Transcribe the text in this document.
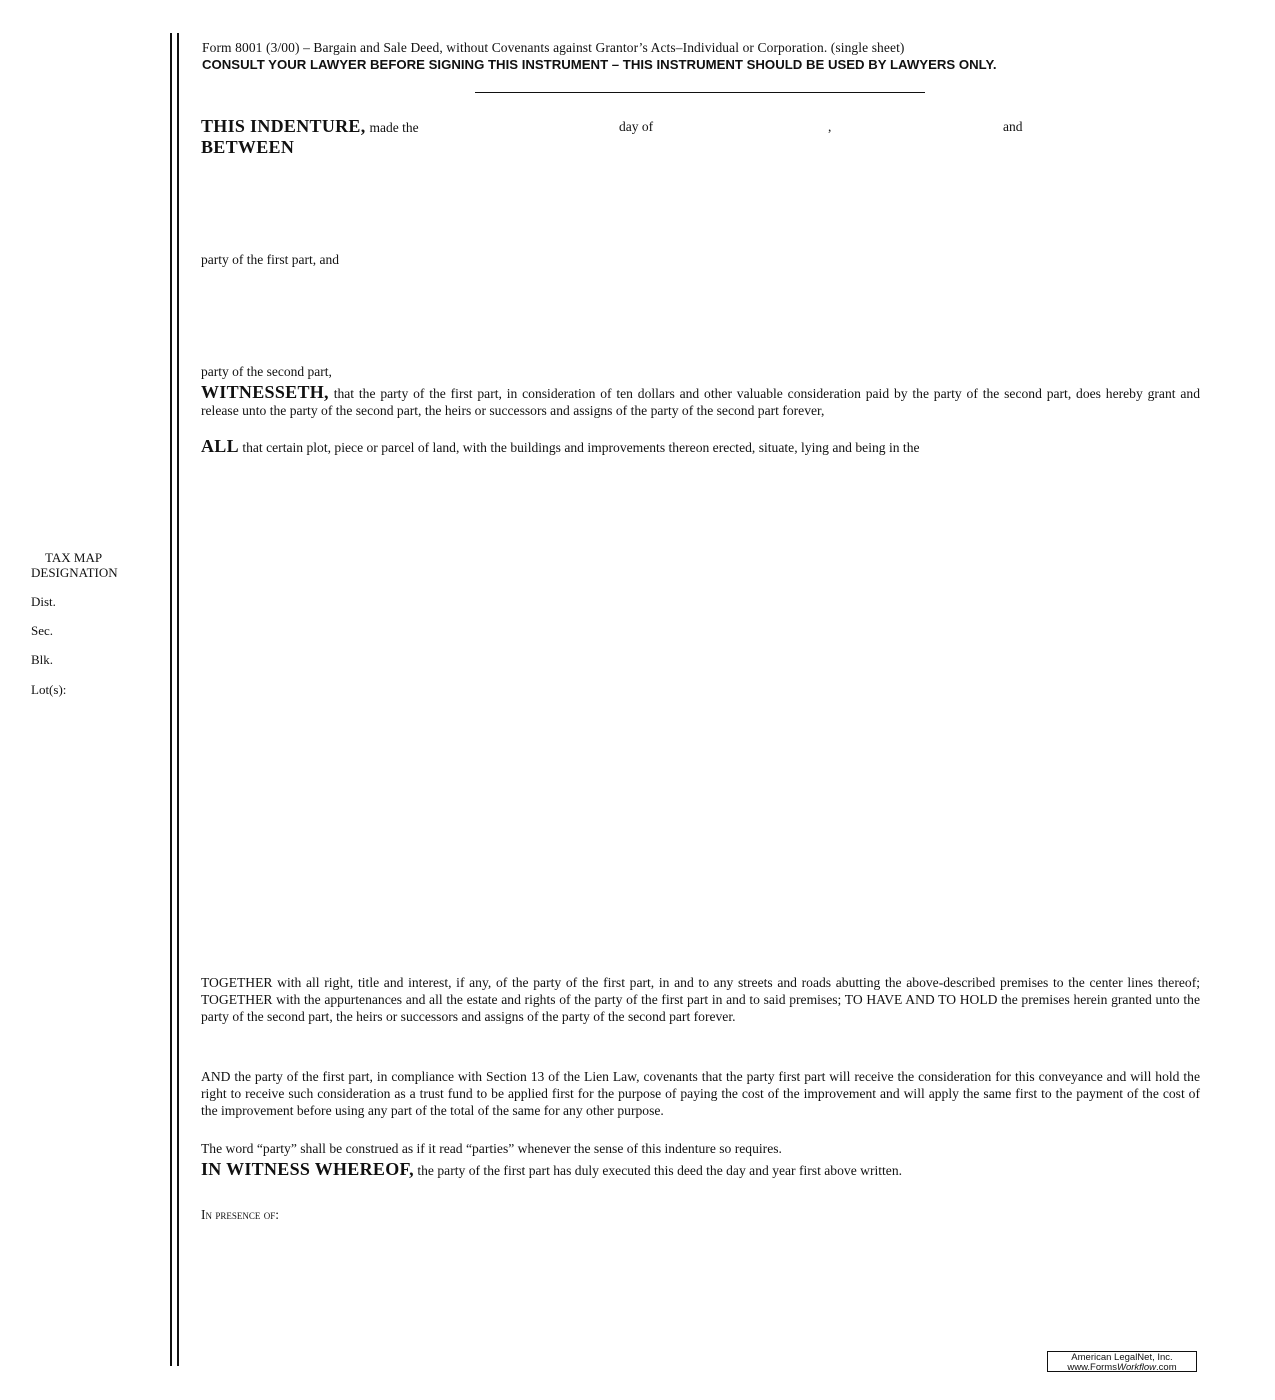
Form 8001 (3/00) – Bargain and Sale Deed, without Covenants against Grantor’s Acts–Individual or Corporation. (single sheet)
CONSULT YOUR LAWYER BEFORE SIGNING THIS INSTRUMENT – THIS INSTRUMENT SHOULD BE USED BY LAWYERS ONLY.
THIS INDENTURE, made the	day of	,	and
BETWEEN
party of the first part, and
party of the second part,

WITNESSETH, that the party of the first part, in consideration of ten dollars and other valuable consideration paid by the party of the second part, does hereby grant and release unto the party of the second part, the heirs or successors and assigns of the party of the second part forever,

ALL that certain plot, piece or parcel of land, with the buildings and improvements thereon erected, situate, lying and being in the

TAX MAP
DESIGNATION
Dist.
Sec.
Blk.
Lot(s):
TOGETHER with all right, title and interest, if any, of the party of the first part, in and to any streets and roads abutting the above-described premises to the center lines thereof; TOGETHER with the appurtenances and all the estate and rights of the party of the first part in and to said premises; TO HAVE AND TO HOLD the premises herein granted unto the party of the second part, the heirs or successors and assigns of the party of the second part forever.
AND the party of the first part, in compliance with Section 13 of the Lien Law, covenants that the party first part will receive the consideration for this conveyance and will hold the right to receive such consideration as a trust fund to be applied first for the purpose of paying the cost of the improvement and will apply the same first to the payment of the cost of the improvement before using any part of the total of the same for any other purpose.
The word “party” shall be construed as if it read “parties” whenever the sense of this indenture so requires.

IN WITNESS WHEREOF, the party of the first part has duly executed this deed the day and year first above written.

In presence of:
American LegalNet, Inc.
www.FormsWorkflow.com
